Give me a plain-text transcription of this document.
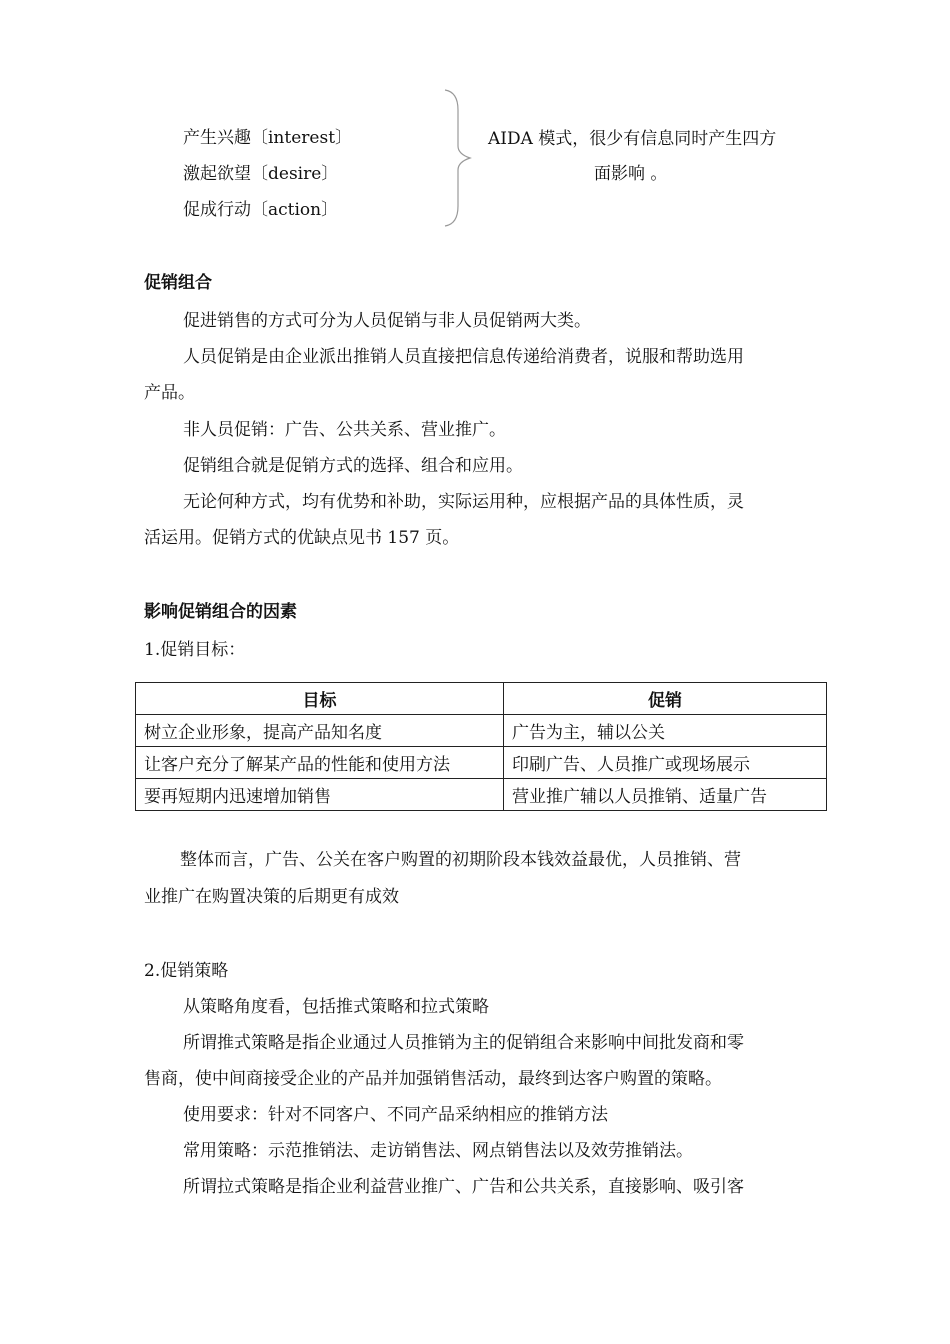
产生兴趣〔interest〕
激起欲望〔desire〕
促成行动〔action〕
AIDA 模式，很少有信息同时产生四方
面影响 。
促销组合
促进销售的方式可分为人员促销与非人员促销两大类。
人员促销是由企业派出推销人员直接把信息传递给消费者，说服和帮助选用
产品。
非人员促销：广告、公共关系、营业推广。
促销组合就是促销方式的选择、组合和应用。
无论何种方式，均有优势和补助，实际运用种，应根据产品的具体性质，灵
活运用。促销方式的优缺点见书 157 页。
影响促销组合的因素
1.促销目标：
目标	促销
树立企业形象，提高产品知名度	广告为主，辅以公关
让客户充分了解某产品的性能和使用方法	印刷广告、人员推广或现场展示
要再短期内迅速增加销售	营业推广辅以人员推销、适量广告
整体而言，广告、公关在客户购置的初期阶段本钱效益最优，人员推销、营
业推广在购置决策的后期更有成效
2.促销策略
从策略角度看，包括推式策略和拉式策略
所谓推式策略是指企业通过人员推销为主的促销组合来影响中间批发商和零
售商，使中间商接受企业的产品并加强销售活动，最终到达客户购置的策略。
使用要求：针对不同客户、不同产品采纳相应的推销方法
常用策略：示范推销法、走访销售法、网点销售法以及效劳推销法。
所谓拉式策略是指企业利益营业推广、广告和公共关系，直接影响、吸引客
